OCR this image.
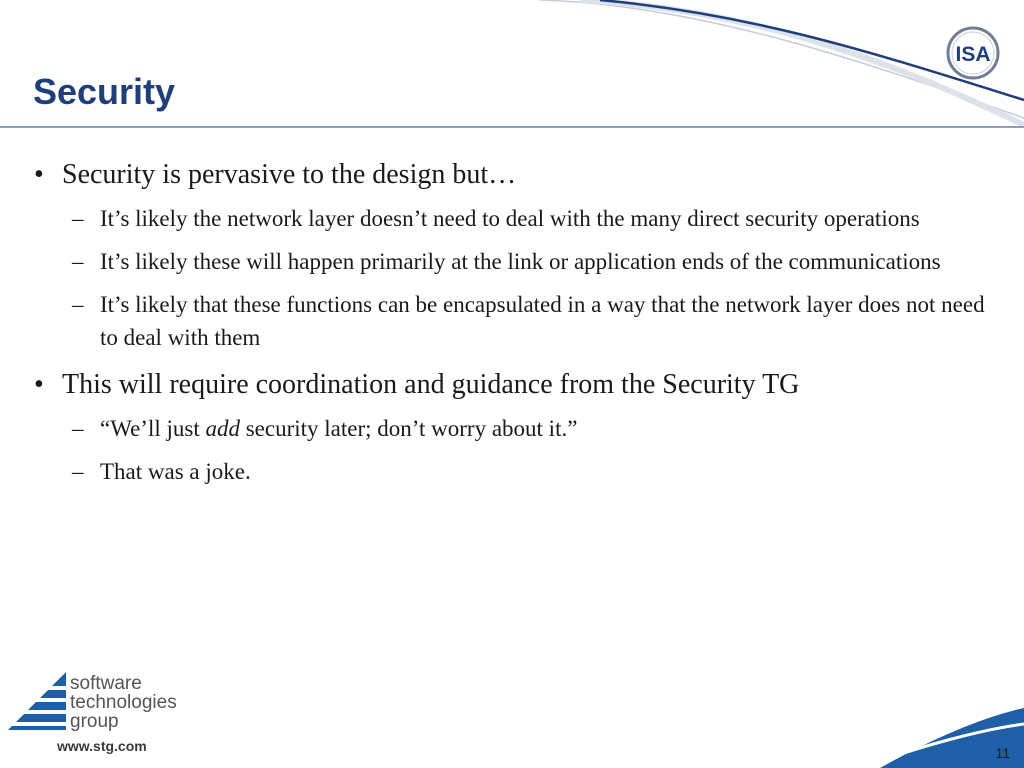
Security
ISA
• Security is pervasive to the design but…
– It’s likely the network layer doesn’t need to deal with the many direct security operations
– It’s likely these will happen primarily at the link or application ends of the communications
– It’s likely that these functions can be encapsulated in a way that the network layer does not need to deal with them
• This will require coordination and guidance from the Security TG
– “We’ll just add security later; don’t worry about it.”
– That was a joke.
software
technologies
group
www.stg.com	11
